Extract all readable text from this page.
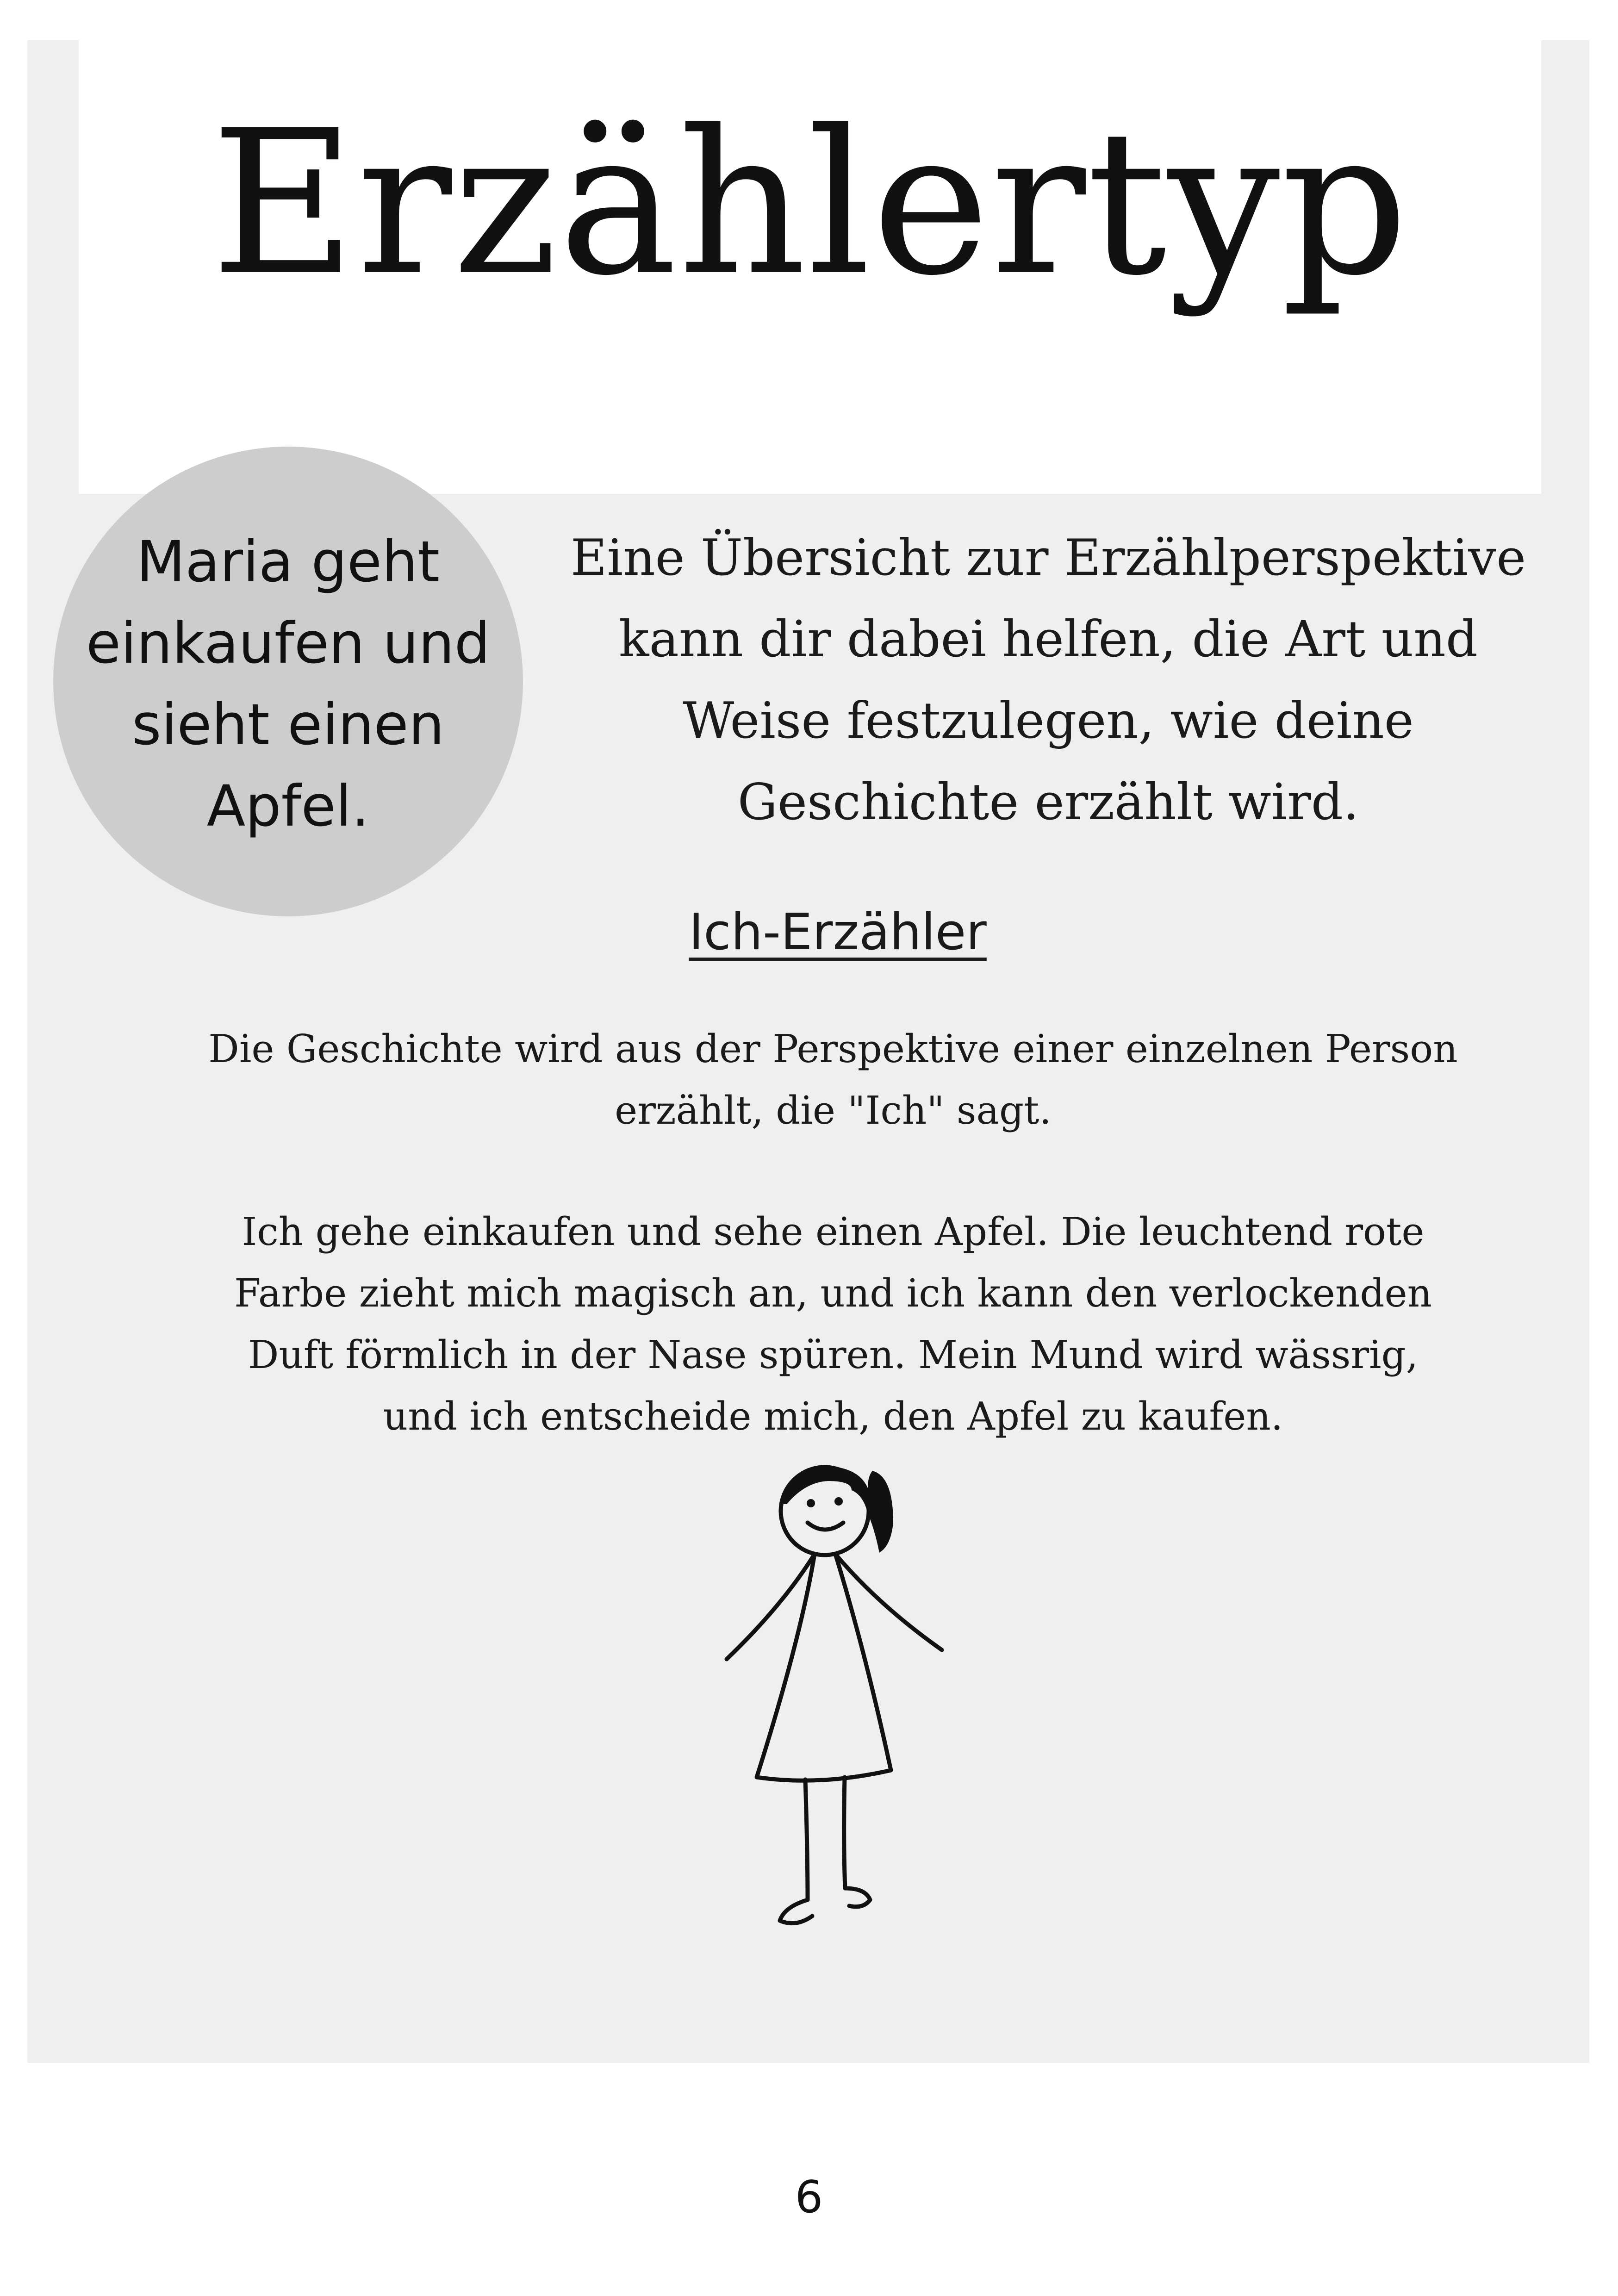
Erzählertyp
Maria geht einkaufen und sieht einen Apfel.
Eine Übersicht zur Erzählperspektive kann dir dabei helfen, die Art und Weise festzulegen, wie deine Geschichte erzählt wird.
Ich-Erzähler
Die Geschichte wird aus der Perspektive einer einzelnen Person erzählt, die "Ich" sagt.
Ich gehe einkaufen und sehe einen Apfel. Die leuchtend rote Farbe zieht mich magisch an, und ich kann den verlockenden Duft förmlich in der Nase spüren. Mein Mund wird wässrig, und ich entscheide mich, den Apfel zu kaufen.
6
